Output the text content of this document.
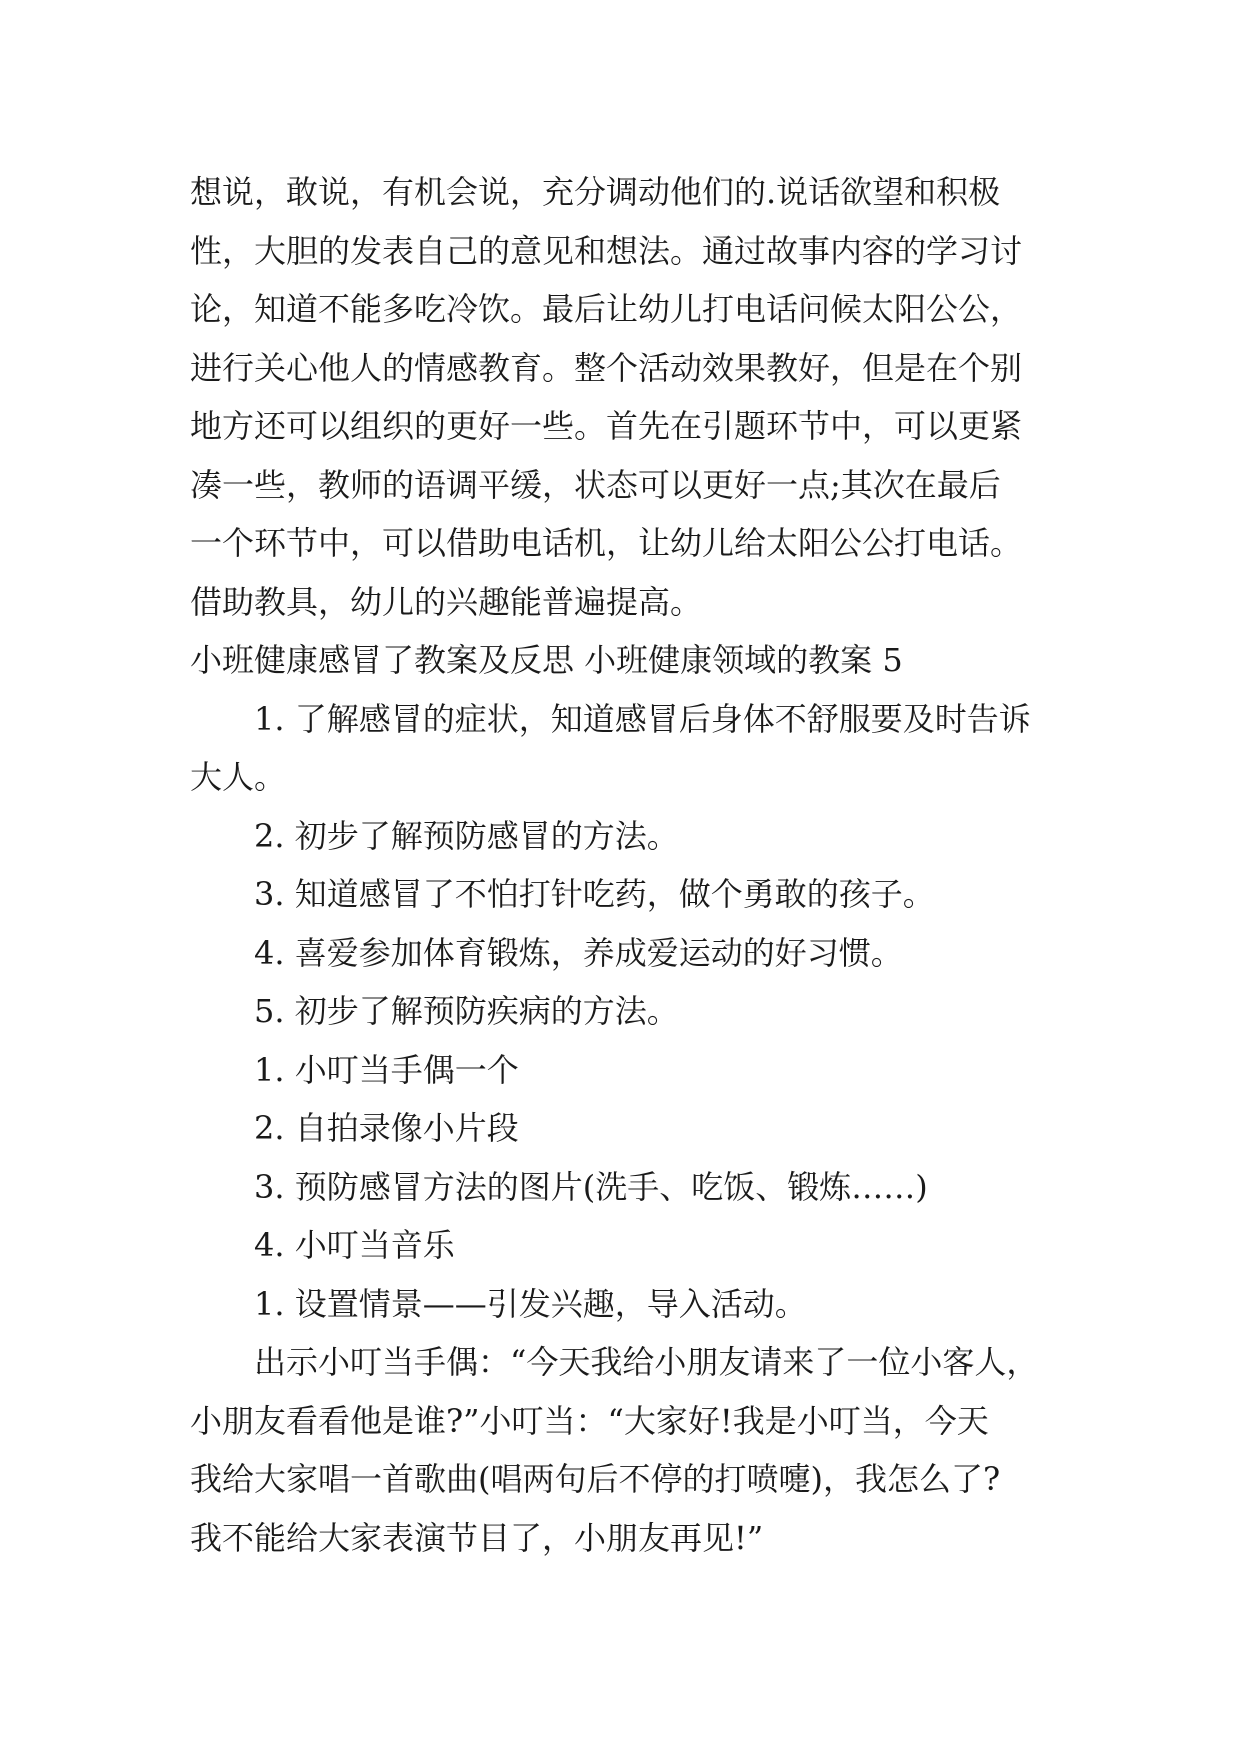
想说，敢说，有机会说，充分调动他们的.说话欲望和积极
性，大胆的发表自己的意见和想法。通过故事内容的学习讨
论，知道不能多吃冷饮。最后让幼儿打电话问候太阳公公，
进行关心他人的情感教育。整个活动效果教好，但是在个别
地方还可以组织的更好一些。首先在引题环节中，可以更紧
凑一些，教师的语调平缓，状态可以更好一点;其次在最后
一个环节中，可以借助电话机，让幼儿给太阳公公打电话。
借助教具，幼儿的兴趣能普遍提高。
小班健康感冒了教案及反思 小班健康领域的教案 5
1. 了解感冒的症状，知道感冒后身体不舒服要及时告诉
大人。
2. 初步了解预防感冒的方法。
3. 知道感冒了不怕打针吃药，做个勇敢的孩子。
4. 喜爱参加体育锻炼，养成爱运动的好习惯。
5. 初步了解预防疾病的方法。
1. 小叮当手偶一个
2. 自拍录像小片段
3. 预防感冒方法的图片(洗手、吃饭、锻炼……)
4. 小叮当音乐
1. 设置情景——引发兴趣，导入活动。
出示小叮当手偶：“今天我给小朋友请来了一位小客人，
小朋友看看他是谁?”小叮当：“大家好!我是小叮当，今天
我给大家唱一首歌曲(唱两句后不停的打喷嚏)，我怎么了?
我不能给大家表演节目了，小朋友再见!”
